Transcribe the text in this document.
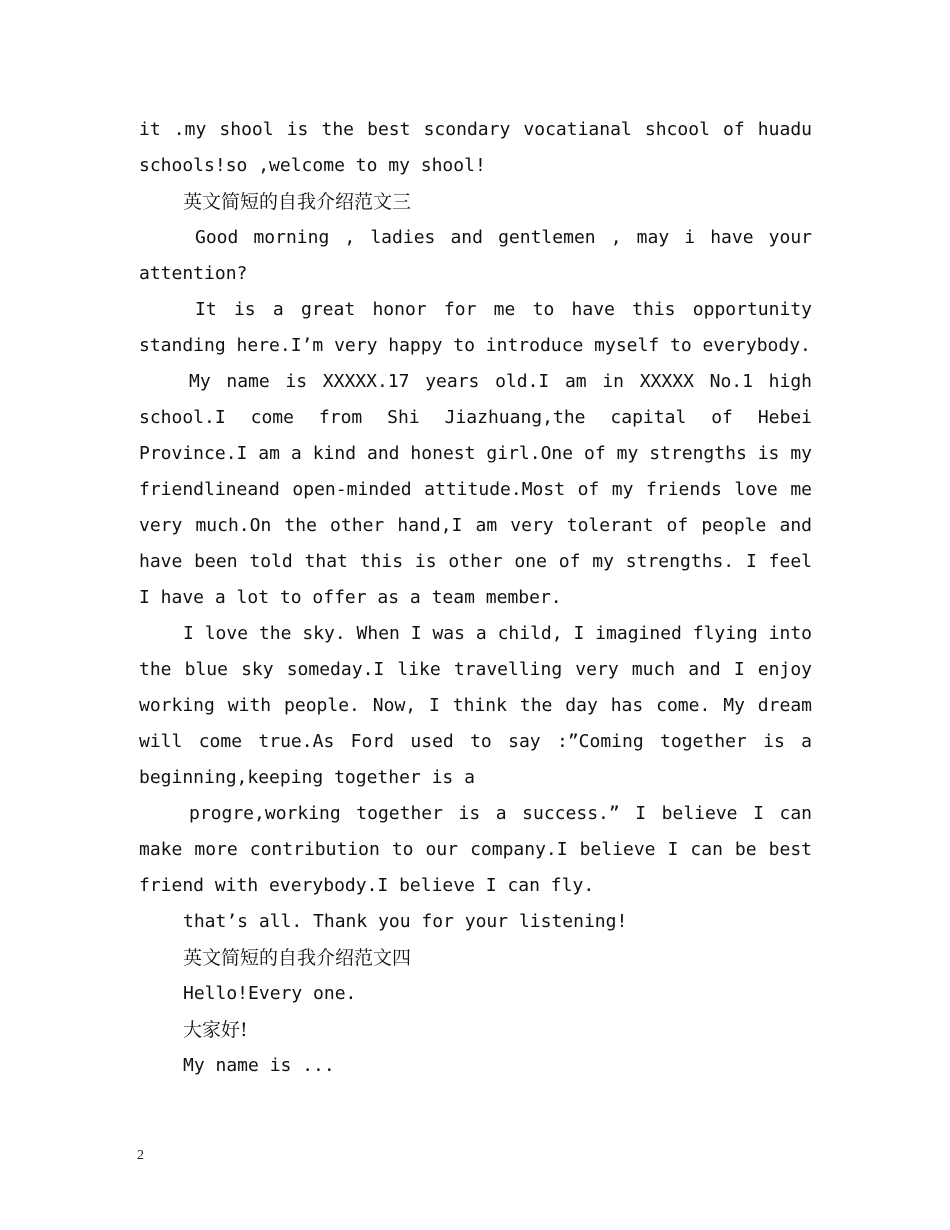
it .my shool is the best scondary vocatianal shcool of huadu schools!so ,welcome to my shool!

英文简短的自我介绍范文三

Good morning , ladies and gentlemen , may i have your attention?

It is a great honor for me to have this opportunity standing here.I’m very happy to introduce myself to everybody.

My name is XXXXX.17 years old.I am in XXXXX No.1 high school.I come from Shi Jiazhuang,the capital of Hebei Province.I am a kind and honest girl.One of my strengths is my friendlineand open-minded attitude.Most of my friends love me very much.On the other hand,I am very tolerant of people and have been told that this is other one of my strengths. I feel I have a lot to offer as a team member.

I love the sky. When I was a child, I imagined flying into the blue sky someday.I like travelling very much and I enjoy working with people. Now, I think the day has come. My dream will come true.As Ford used to say :”Coming together is a beginning,keeping together is a

progre,working together is a success.” I believe I can make more contribution to our company.I believe I can be best friend with everybody.I believe I can fly.

that’s all. Thank you for your listening!

英文简短的自我介绍范文四

Hello!Every one.

大家好!

My name is ...

2
